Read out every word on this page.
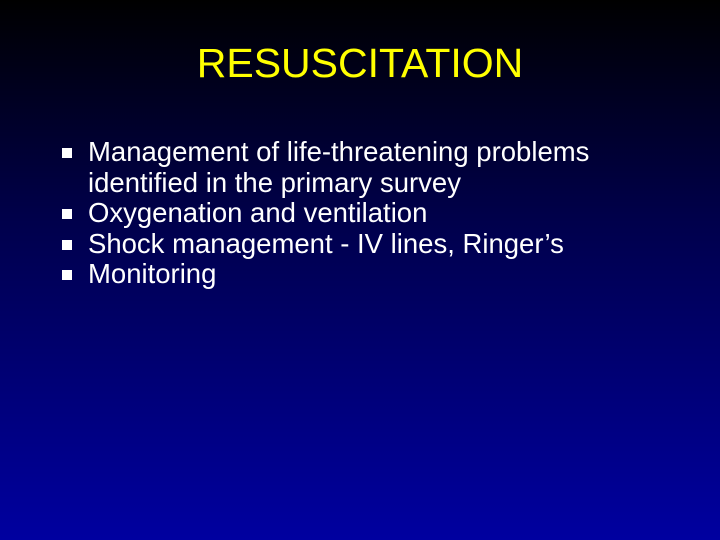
RESUSCITATION
Management of life-threatening problems identified in the primary survey
Oxygenation and ventilation
Shock management - IV lines, Ringer’s
Monitoring
